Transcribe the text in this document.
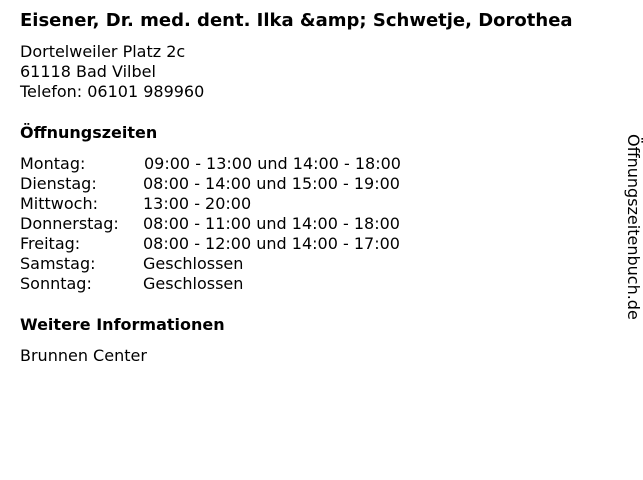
Eisener, Dr. med. dent. Ilka &amp; Schwetje, Dorothea
Dortelweiler Platz 2c
61118 Bad Vilbel
Telefon: 06101 989960
Öffnungszeiten
Montag:	09:00 - 13:00 und 14:00 - 18:00
Dienstag:	08:00 - 14:00 und 15:00 - 19:00
Mittwoch:	13:00 - 20:00
Donnerstag:	08:00 - 11:00 und 14:00 - 18:00
Freitag:	08:00 - 12:00 und 14:00 - 17:00
Samstag:	Geschlossen
Sonntag:	Geschlossen
Weitere Informationen
Brunnen Center
Öffnungszeitenbuch.de
